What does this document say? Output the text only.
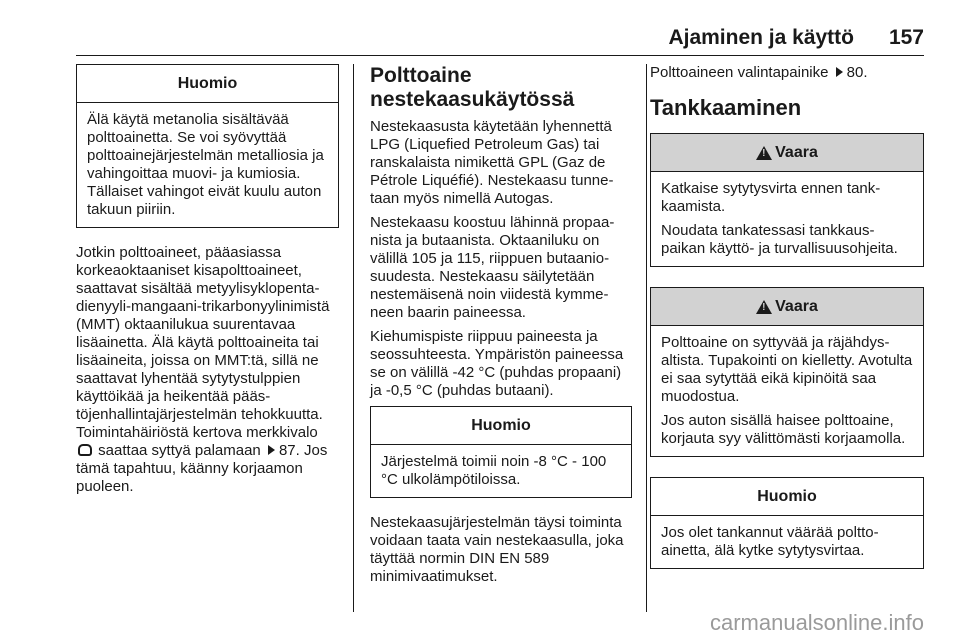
Ajaminen ja käyttö 157
Huomio
Älä käytä metanolia sisältävää polttoainetta. Se voi syövyttää polttoainejärjestelmän metalliosia ja vahingoittaa muovi- ja kumiosia. Tällaiset vahingot eivät kuulu auton takuun piiriin.

Jotkin polttoaineet, pääasiassa korkeaoktaaniset kisapolttoaineet, saattavat sisältää metyylisyklopentadienyyli-mangaani-trikarbonyylinimistä (MMT) oktaanilukua suurentavaa lisäainetta. Älä käytä polttoaineita tai lisäaineita, joissa on MMT:tä, sillä ne saattavat lyhentää sytytystulppien käyttöikää ja heikentää päästöjenhallintajärjestelmän tehokkuutta. Toimintahäiriöstä kertova merkkivalo  saattaa syttyä palamaan 87. Jos tämä tapahtuu, käänny korjaamon puoleen.

Polttoaine nestekaasukäytössä

Nestekaasusta käytetään lyhennettä LPG (Liquefied Petroleum Gas) tai ranskalaista nimikettä GPL (Gaz de Pétrole Liquéfié). Nestekaasu tunnetaan myös nimellä Autogas.

Nestekaasu koostuu lähinnä propaanista ja butaanista. Oktaaniluku on välillä 105 ja 115, riippuen butaaniosuudesta. Nestekaasu säilytetään nestemäisenä noin viidestä kymmeneen baarin paineessa.

Kiehumispiste riippuu paineesta ja seossuhteesta. Ympäristön paineessa se on välillä -42 °C (puhdas propaani) ja -0,5 °C (puhdas butaani).

Huomio
Järjestelmä toimii noin -8 °C - 100 °C ulkolämpötiloissa.

Nestekaasujärjestelmän täysi toiminta voidaan taata vain nestekaasulla, joka täyttää normin DIN EN 589 minimivaatimukset.

Polttoaineen valintapainike 80.

Tankkaaminen
!
Vaara
Katkaise sytytysvirta ennen tankkaamista.
Noudata tankatessasi tankkauspaikan käyttö- ja turvallisuusohjeita.
!
Vaara
Polttoaine on syttyvää ja räjähdysaltista. Tupakointi on kielletty. Avotulta ei saa sytyttää eikä kipinöitä saa muodostua.
Jos auton sisällä haisee polttoaine, korjauta syy välittömästi korjaamolla.
Huomio
Jos olet tankannut väärää polttoainetta, älä kytke sytytysvirtaa.
carmanualsonline.info
